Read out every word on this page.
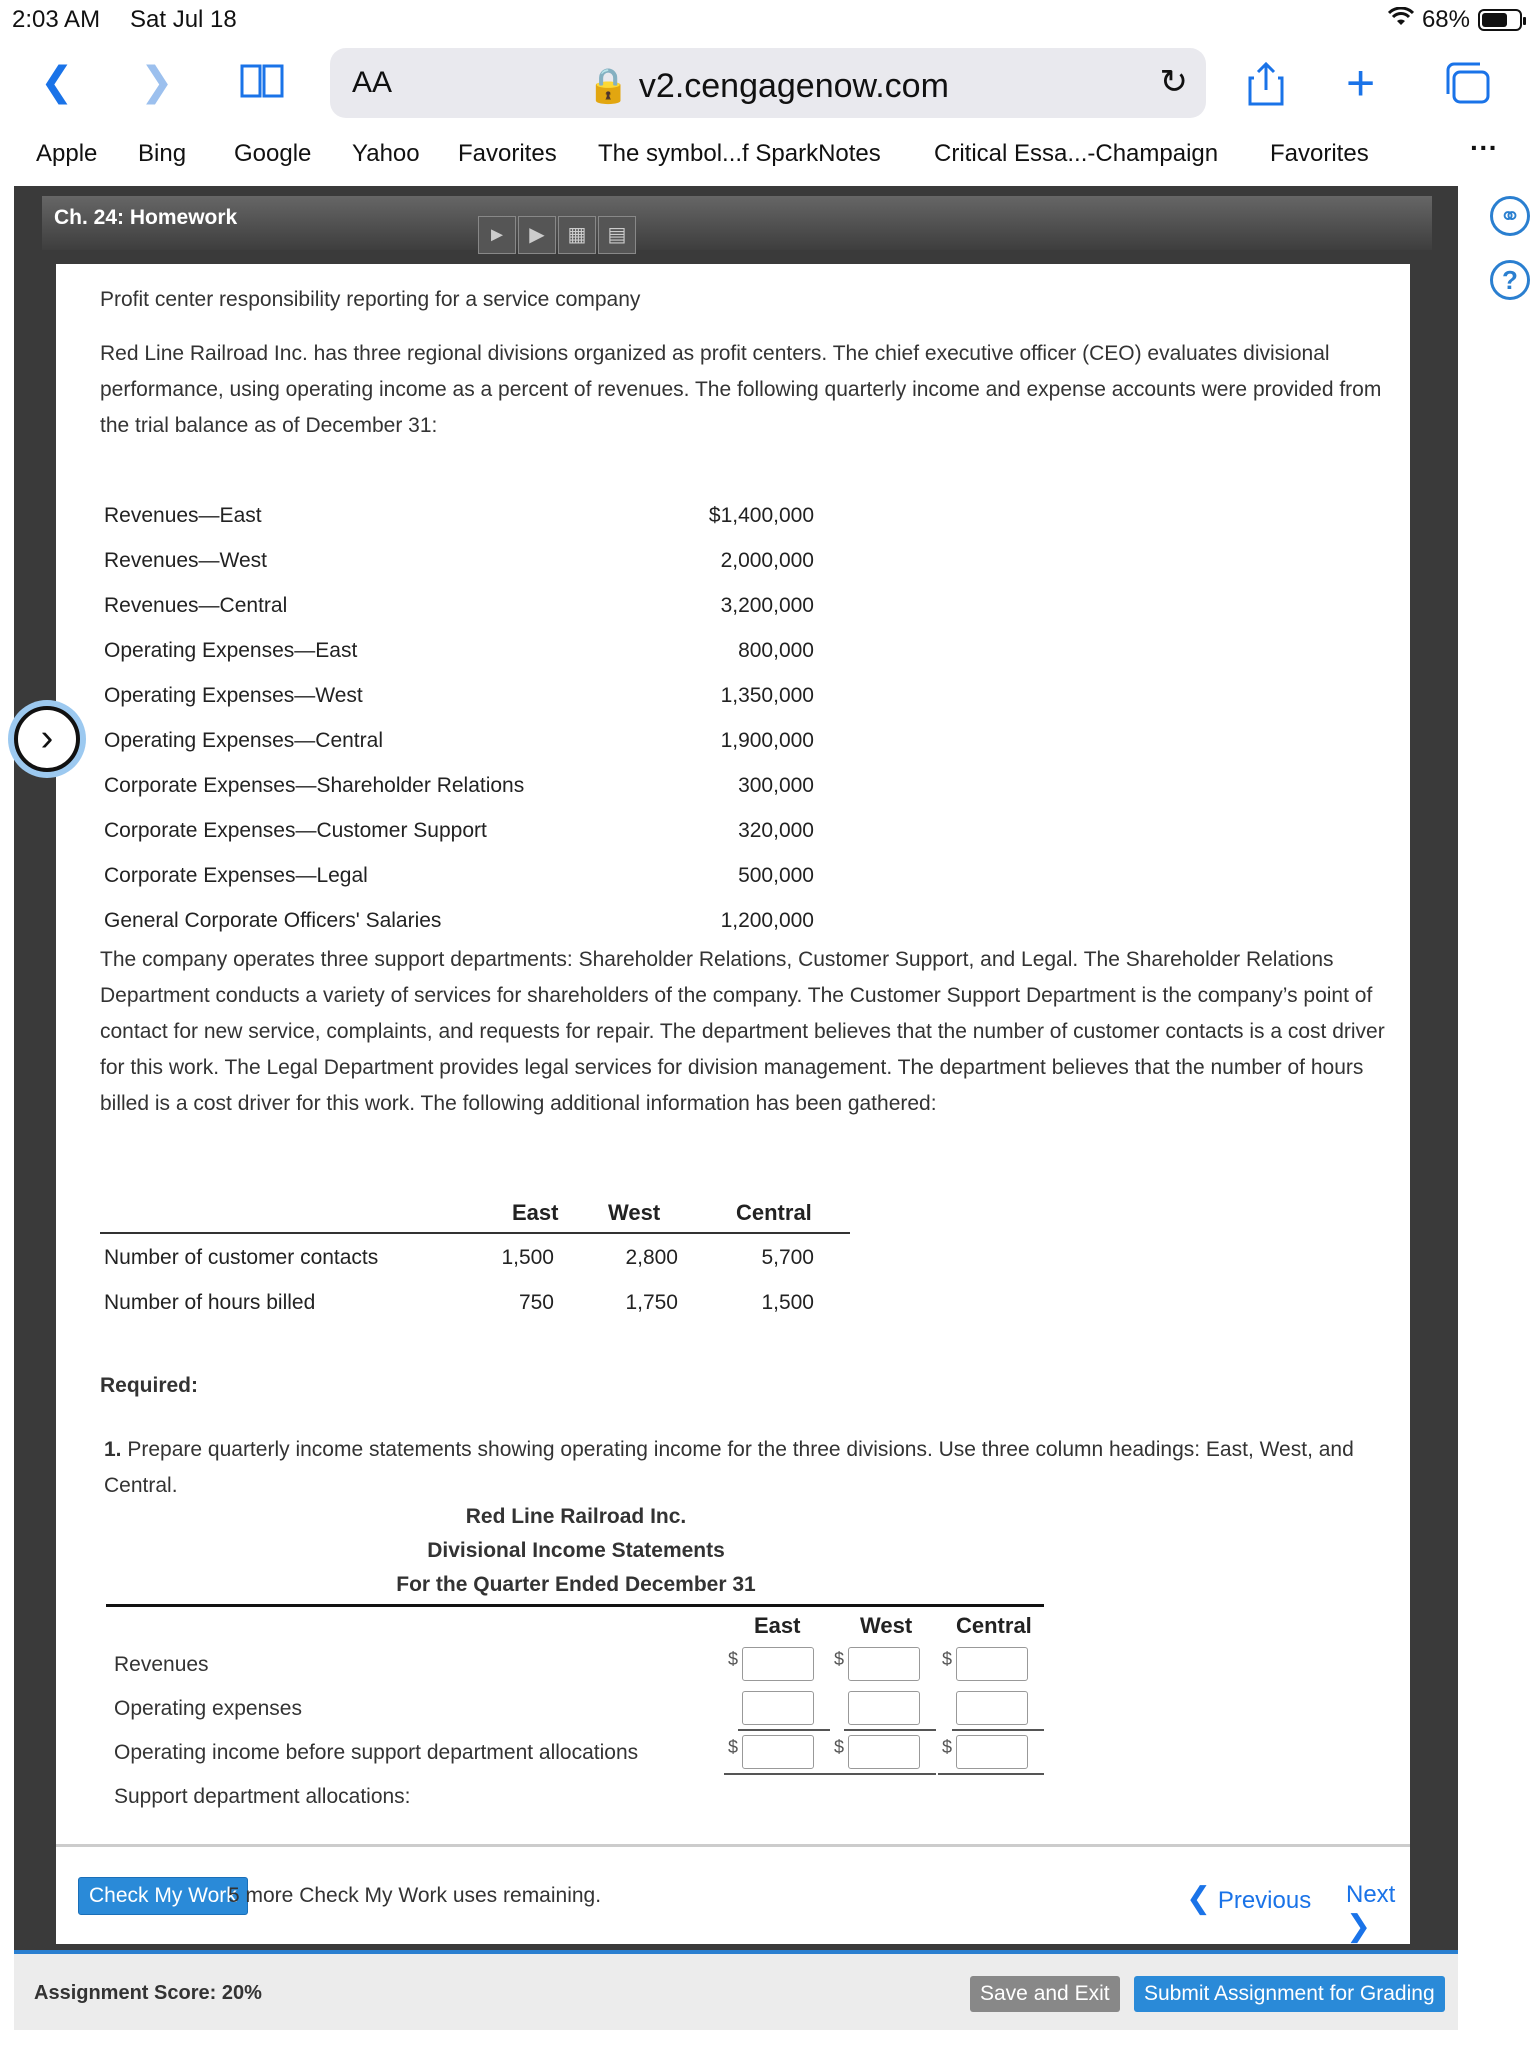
2:03 AM Sat Jul 18	68%
❮ ❯	AA	🔒 v2.cengagenow.com	↻	+
Apple Bing Google Yahoo Favorites The symbol...f SparkNotes Critical Essa...-Champaign Favorites	···
⚭
?
Ch. 24: Homework
►	▶	▦	▤

Profit center responsibility reporting for a service company

Red Line Railroad Inc. has three regional divisions organized as profit centers. The chief executive officer (CEO) evaluates divisional performance, using operating income as a percent of revenues. The following quarterly income and expense accounts were provided from the trial balance as of December 31:

Revenues—East	$1,400,000
Revenues—West	2,000,000
Revenues—Central	3,200,000
Operating Expenses—East	800,000
Operating Expenses—West	1,350,000
Operating Expenses—Central	1,900,000
Corporate Expenses—Shareholder Relations	300,000
Corporate Expenses—Customer Support	320,000
Corporate Expenses—Legal	500,000
General Corporate Officers' Salaries	1,200,000

The company operates three support departments: Shareholder Relations, Customer Support, and Legal. The Shareholder Relations Department conducts a variety of services for shareholders of the company. The Customer Support Department is the company’s point of contact for new service, complaints, and requests for repair. The department believes that the number of customer contacts is a cost driver for this work. The Legal Department provides legal services for division management. The department believes that the number of hours billed is a cost driver for this work. The following additional information has been gathered:

East West	Central
Number of customer contacts	1,500	2,800	5,700
Number of hours billed	750	1,750	1,500

Required:

1. Prepare quarterly income statements showing operating income for the three divisions. Use three column headings: East, West, and Central.

Red Line Railroad Inc.
Divisional Income Statements
For the Quarter Ended December 31
East	West Central
Revenues	$	$	$
Operating expenses
Operating income before support department allocations	$	$	$
Support department allocations:
Check My Work
5 more Check My Work uses remaining.	❮ Previous Next ❯
›
Assignment Score: 20%	Save and Exit	Submit Assignment for Grading
